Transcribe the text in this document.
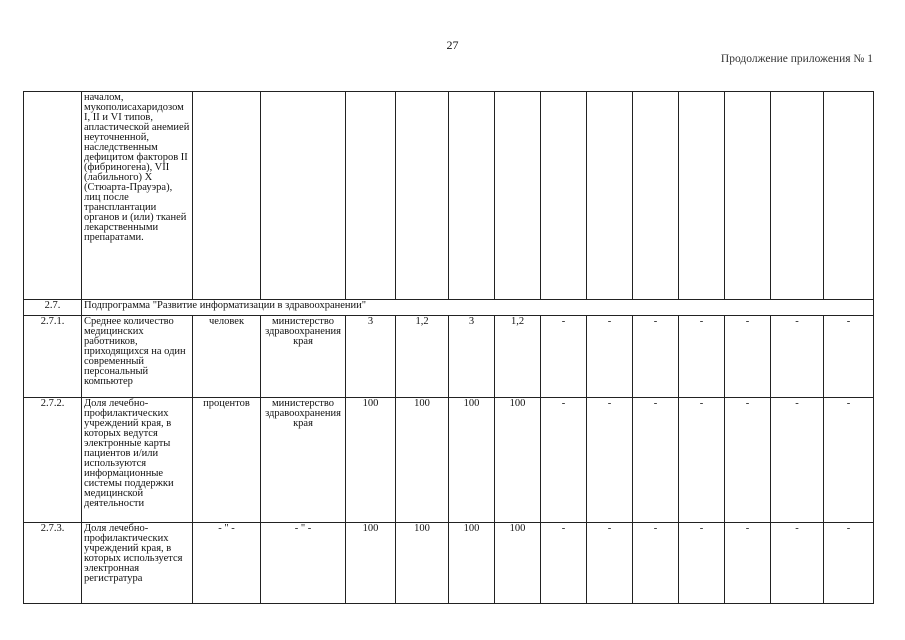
27
Продолжение приложения № 1
	началом, мукополисахаридозом I, II и VI типов, апластической анемией неуточненной, наследственным дефицитом факторов II (фибриногена), VII (лабильного) X (Стюарта-Прауэра), лиц после трансплантации органов и (или) тканей лекарственными препаратами.													
2.7.	Подпрограмма "Развитие информатизации в здравоохранении"													
2.7.1.	Среднее количество медицинских работников, приходящихся на один современный персональный компьютер	человек	министерство здравоохранения края	3	1,2	3	1,2	-	-	-	-	-	-	-
2.7.2.	Доля лечебно-профилактических учреждений края, в которых ведутся электронные карты пациентов и/или используются информационные системы поддержки медицинской деятельности	процентов	министерство здравоохранения края	100	100	100	100	-	-	-	-	-	-	-
2.7.3.	Доля лечебно-профилактических учреждений края, в которых используется электронная регистратура	- " -	- " -	100	100	100	100	-	-	-	-	-	-	-
